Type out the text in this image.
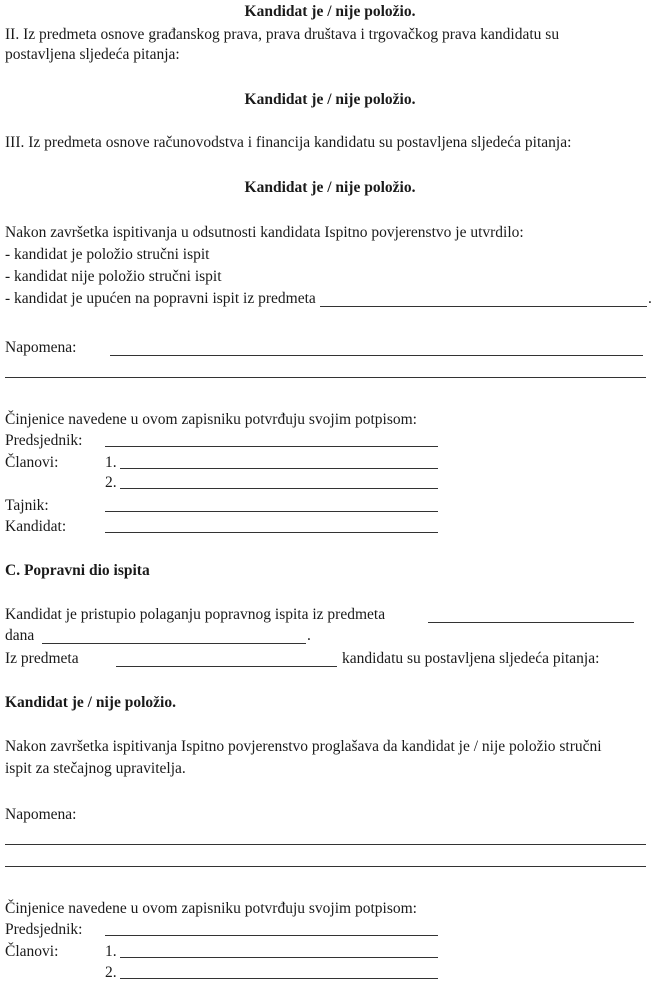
Kandidat je / nije položio.
II. Iz predmeta osnove građanskog prava, prava društava i trgovačkog prava kandidatu su
postavljena sljedeća pitanja:
Kandidat je / nije položio.
III. Iz predmeta osnove računovodstva i financija kandidatu su postavljena sljedeća pitanja:
Kandidat je / nije položio.
Nakon završetka ispitivanja u odsutnosti kandidata Ispitno povjerenstvo je utvrdilo:
- kandidat je položio stručni ispit
- kandidat nije položio stručni ispit
- kandidat je upućen na popravni ispit iz predmeta	.
Napomena:
Činjenice navedene u ovom zapisniku potvrđuju svojim potpisom:
Predsjednik:
Članovi:	1.
2.
Tajnik:
Kandidat:
C. Popravni dio ispita
Kandidat je pristupio polaganju popravnog ispita iz predmeta
dana	.
Iz predmeta	kandidatu su postavljena sljedeća pitanja:
Kandidat je / nije položio.
Nakon završetka ispitivanja Ispitno povjerenstvo proglašava da kandidat je / nije položio stručni
ispit za stečajnog upravitelja.
Napomena:
Činjenice navedene u ovom zapisniku potvrđuju svojim potpisom:
Predsjednik:
Članovi:	1.
2.
